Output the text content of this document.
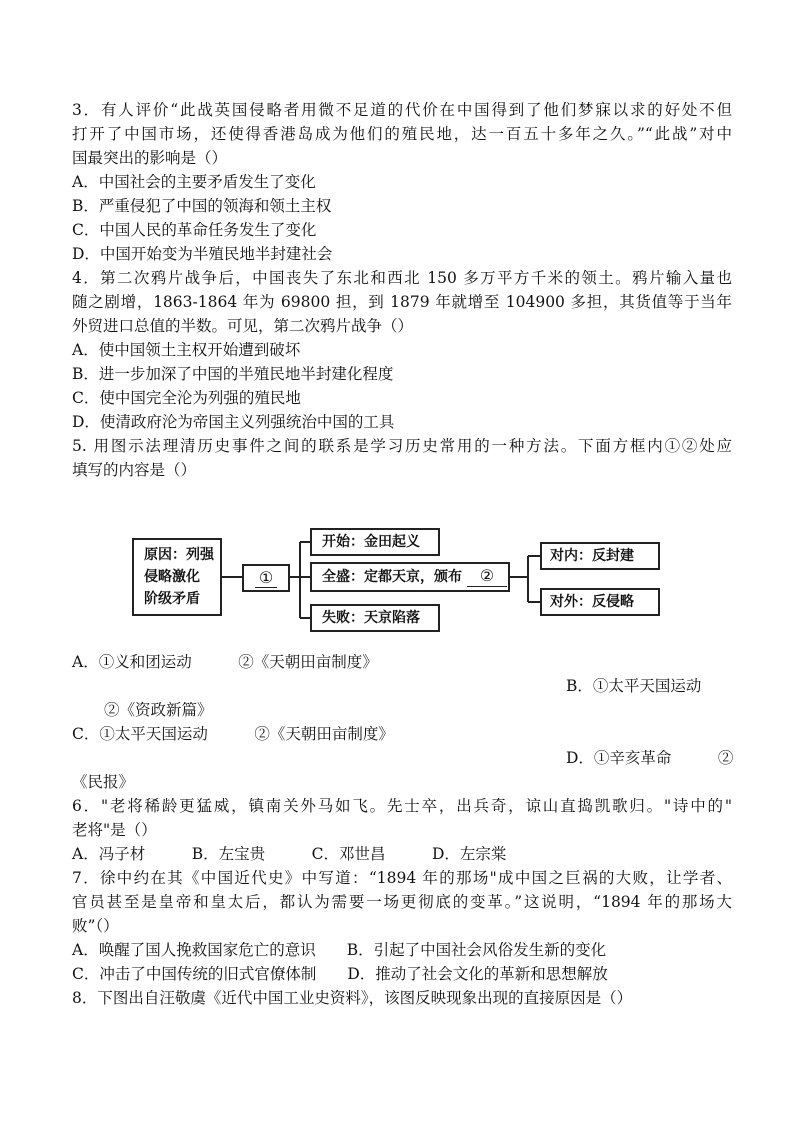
3．有人评价“此战英国侵略者用微不足道的代价在中国得到了他们梦寐以求的好处不但
打开了中国市场，还使得香港岛成为他们的殖民地，达一百五十多年之久。”“此战”对中
国最突出的影响是（）
A．中国社会的主要矛盾发生了变化
B．严重侵犯了中国的领海和领土主权
C．中国人民的革命任务发生了变化
D．中国开始变为半殖民地半封建社会
4．第二次鸦片战争后，中国丧失了东北和西北 150 多万平方千米的领土。鸦片输入量也
随之剧增，1863-1864 年为 69800 担，到 1879 年就增至 104900 多担，其货值等于当年
外贸进口总值的半数。可见，第二次鸦片战争（）
A．使中国领土主权开始遭到破坏
B．进一步加深了中国的半殖民地半封建化程度
C．使中国完全沦为列强的殖民地
D．使清政府沦为帝国主义列强统治中国的工具
5. 用图示法理清历史事件之间的联系是学习历史常用的一种方法。下面方框内①②处应
填写的内容是（）
原因：列强
侵略激化
阶级矛盾
①
开始：金田起义
全盛：定都天京，颁布 ②
失败：天京陷落
对内：反封建
对外：反侵略
A．①义和团运动　　　②《天朝田亩制度》
B．①太平天国运动
②《资政新篇》
C．①太平天国运动　　　②《天朝田亩制度》
D．①辛亥革命　　　②
《民报》
6．"老将稀龄更猛威，镇南关外马如飞。先士卒，出兵奇，谅山直捣凯歌归。"诗中的"
老将"是（）
A．冯子材　　　B．左宝贵　　　C．邓世昌　　　D．左宗棠
7．徐中约在其《中国近代史》中写道：“1894 年的那场"成中国之巨祸的大败，让学者、
官员甚至是皇帝和皇太后，都认为需要一场更彻底的变革。”这说明，“1894 年的那场大
败”（）
A．唤醒了国人挽救国家危亡的意识　　B．引起了中国社会风俗发生新的变化
C．冲击了中国传统的旧式官僚体制　　D．推动了社会文化的革新和思想解放
8．下图出自汪敬虞《近代中国工业史资料》，该图反映现象出现的直接原因是（）
